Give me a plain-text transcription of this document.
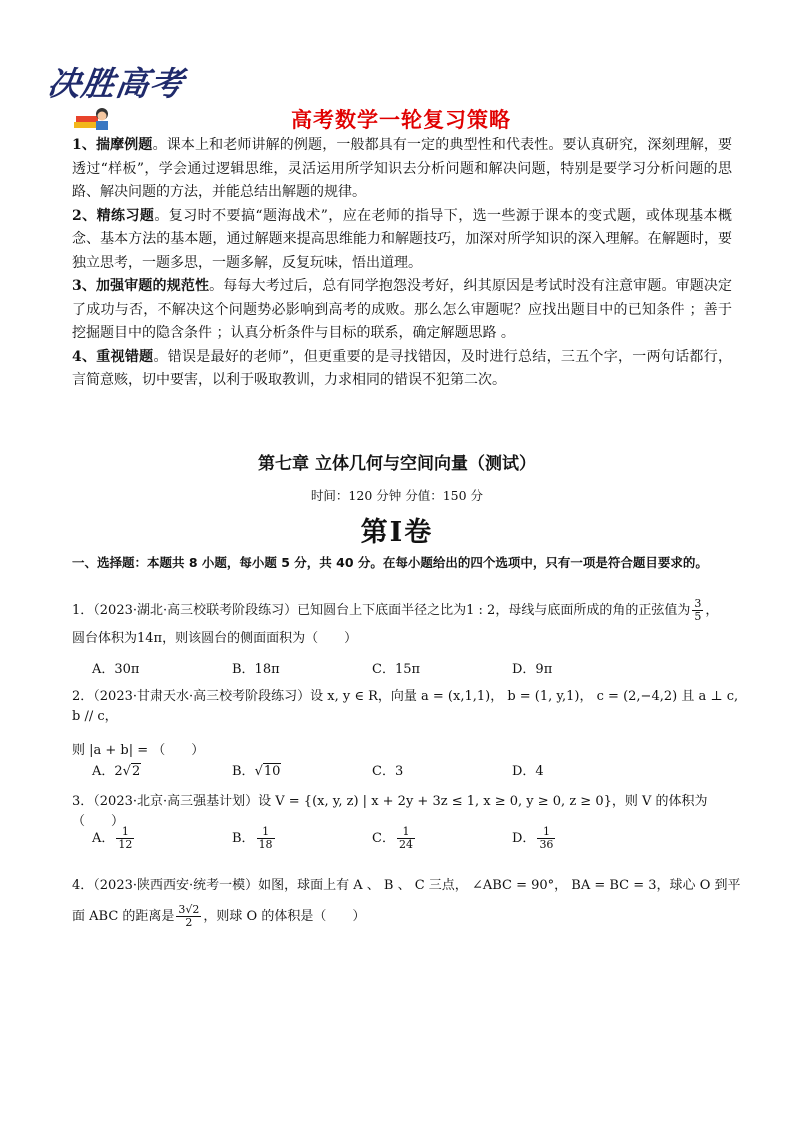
决胜高考
高考数学一轮复习策略

1、揣摩例题。课本上和老师讲解的例题，一般都具有一定的典型性和代表性。要认真研究，深刻理解，要透过“样板”，学会通过逻辑思维，灵活运用所学知识去分析问题和解决问题，特别是要学习分析问题的思路、解决问题的方法，并能总结出解题的规律。

2、精练习题。复习时不要搞“题海战术”，应在老师的指导下，选一些源于课本的变式题，或体现基本概念、基本方法的基本题，通过解题来提高思维能力和解题技巧，加深对所学知识的深入理解。在解题时，要独立思考，一题多思，一题多解，反复玩味，悟出道理。

3、加强审题的规范性。每每大考过后，总有同学抱怨没考好，纠其原因是考试时没有注意审题。审题决定了成功与否，不解决这个问题势必影响到高考的成败。那么怎么审题呢？应找出题目中的已知条件 ；善于挖掘题目中的隐含条件 ；认真分析条件与目标的联系，确定解题思路 。

4、重视错题。错误是最好的老师”，但更重要的是寻找错因，及时进行总结，三五个字，一两句话都行，言简意赅，切中要害，以利于吸取教训，力求相同的错误不犯第二次。

第七章 立体几何与空间向量（测试）
时间：120 分钟 分值：150 分
第Ⅰ卷
一、选择题：本题共 8 小题，每小题 5 分，共 40 分。在每小题给出的四个选项中，只有一项是符合题目要求的。
1．（2023·湖北·高三校联考阶段练习）已知圆台上下底面半径之比为1 : 2，母线与底面所成的角的正弦值为 $\frac{3}{5}$ ，
圆台体积为14π，则该圆台的侧面面积为（　　）
A．30π	B．18π	C．15π	D．9π
2．（2023·甘肃天水·高三校考阶段练习）设 x, y ∈ R，向量 a = (x,1,1)， b = (1, y,1)， c = (2,−4,2) 且 a ⊥ c, b // c，
则 |a + b| = （　　）
A．2√2	B．√10	C．3	D．4
3．（2023·北京·高三强基计划）设 V = {(x, y, z) | x + 2y + 3z ≤ 1, x ≥ 0, y ≥ 0, z ≥ 0}，则 V 的体积为（　　）
A． $\frac{1}{12}$	B． $\frac{1}{18}$	C． $\frac{1}{24}$	D． $\frac{1}{36}$
4．（2023·陕西西安·统考一模）如图，球面上有 A 、 B 、 C 三点， ∠ABC = 90°， BA = BC = 3，球心 O 到平
面 ABC 的距离是 $\frac{3√2}{2}$ ，则球 O 的体积是（　　）
